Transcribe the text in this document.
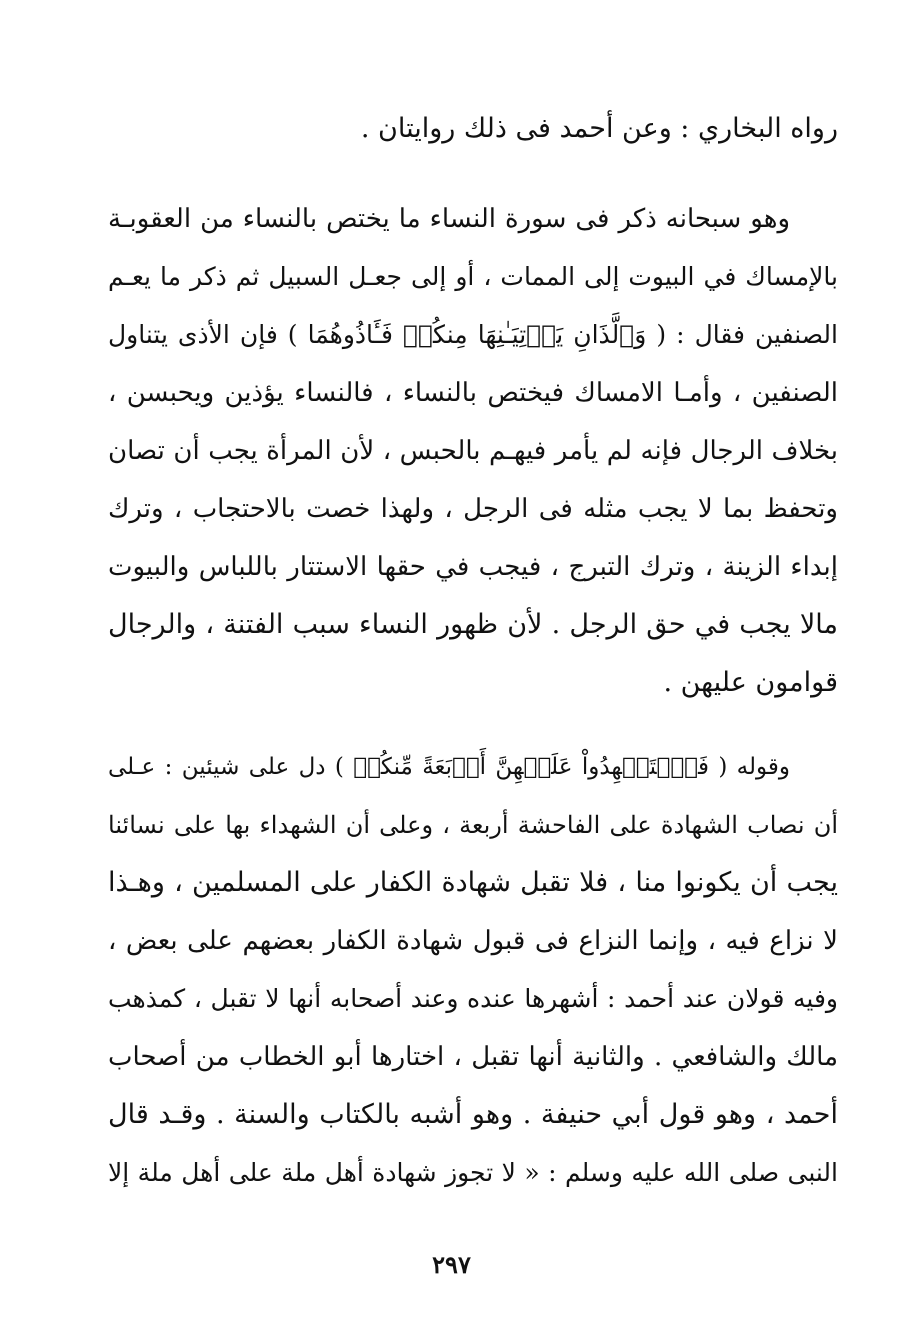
رواه البخاري : وعن أحمد فى ذلك روايتان .
وهو سبحانه ذكر فى سورة النساء ما يختص بالنساء من العقوبـة
بالإمساك في البيوت إلى الممات ، أو إلى جعـل السبيل ثم ذكر ما يعـم
الصنفين فقال : ( وَٱلَّذَانِ يَأۡتِيَـٰنِهَا مِنكُمۡ فَـَٔاذُوهُمَا ) فإن الأذى يتناول
الصنفين ، وأمـا الامساك فيختص بالنساء ، فالنساء يؤذين ويحبسن ،
بخلاف الرجال فإنه لم يأمر فيهـم بالحبس ، لأن المرأة يجب أن تصان
وتحفظ بما لا يجب مثله فى الرجل ، ولهذا خصت بالاحتجاب ، وترك
إبداء الزينة ، وترك التبرج ، فيجب في حقها الاستتار باللباس والبيوت
مالا يجب في حق الرجل . لأن ظهور النساء سبب الفتنة ، والرجال
قوامون عليهن .
وقوله ( فَٱسۡتَشۡهِدُواْ عَلَيۡهِنَّ أَرۡبَعَةً مِّنكُمۡ ) دل على شيئين : عـلى
أن نصاب الشهادة على الفاحشة أربعة ، وعلى أن الشهداء بها على نسائنا
يجب أن يكونوا منا ، فلا تقبل شهادة الكفار على المسلمين ، وهـذا
لا نزاع فيه ، وإنما النزاع فى قبول شهادة الكفار بعضهم على بعض ،
وفيه قولان عند أحمد : أشهرها عنده وعند أصحابه أنها لا تقبل ، كمذهب
مالك والشافعي . والثانية أنها تقبل ، اختارها أبو الخطاب من أصحاب
أحمد ، وهو قول أبي حنيفة . وهو أشبه بالكتاب والسنة . وقـد قال
النبى صلى الله عليه وسلم : « لا تجوز شهادة أهل ملة على أهل ملة إلا
٢٩٧
